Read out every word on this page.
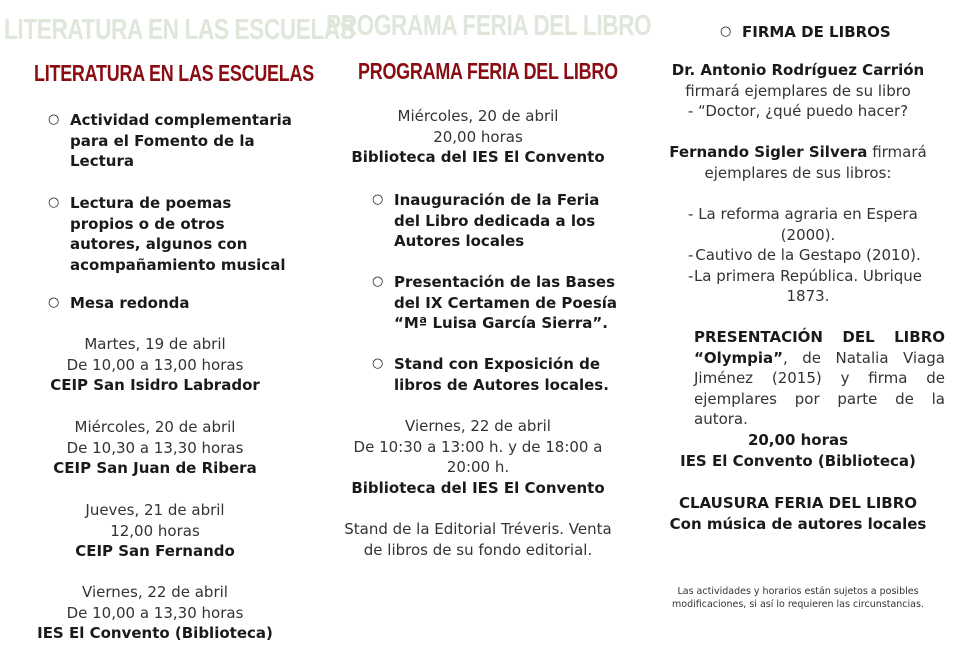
LITERATURA EN LAS ESCUELAS
LITERATURA EN LAS ESCUELAS
○ Actividad complementaria para el Fomento de la Lectura
○ Lectura de poemas propios o de otros autores, algunos con acompañamiento musical
○ Mesa redonda
Martes, 19 de abril
De 10,00 a 13,00 horas
CEIP San Isidro Labrador
Miércoles, 20 de abril
De 10,30 a 13,30 horas
CEIP San Juan de Ribera
Jueves, 21 de abril
12,00 horas
CEIP San Fernando
Viernes, 22 de abril
De 10,00 a 13,30 horas
IES El Convento (Biblioteca)
PROGRAMA FERIA DEL LIBRO
PROGRAMA FERIA DEL LIBRO
Miércoles, 20 de abril
20,00 horas
Biblioteca del IES El Convento
○ Inauguración de la Feria del Libro dedicada a los Autores locales
○ Presentación de las Bases del IX Certamen de Poesía “Mª Luisa García Sierra”.
○ Stand con Exposición de libros de Autores locales.
Viernes, 22 de abril
De 10:30 a 13:00 h. y de 18:00 a
20:00 h.
Biblioteca del IES El Convento
Stand de la Editorial Tréveris. Venta
de libros de su fondo editorial.
○ FIRMA DE LIBROS
Dr. Antonio Rodríguez Carrión
firmará ejemplares de su libro
- “Doctor, ¿qué puedo hacer?
Fernando Sigler Silvera firmará
ejemplares de sus libros:
- La reforma agraria en Espera
(2000).
- Cautivo de la Gestapo (2010).
- La primera República. Ubrique
1873.
PRESENTACIÓN DEL LIBRO
“Olympia”, de Natalia Viaga Jiménez (2015) y firma de ejemplares por parte de la autora.
20,00 horas
IES El Convento (Biblioteca)
CLAUSURA FERIA DEL LIBRO
Con música de autores locales
Las actividades y horarios están sujetos a posibles
modificaciones, si así lo requieren las circunstancias.
